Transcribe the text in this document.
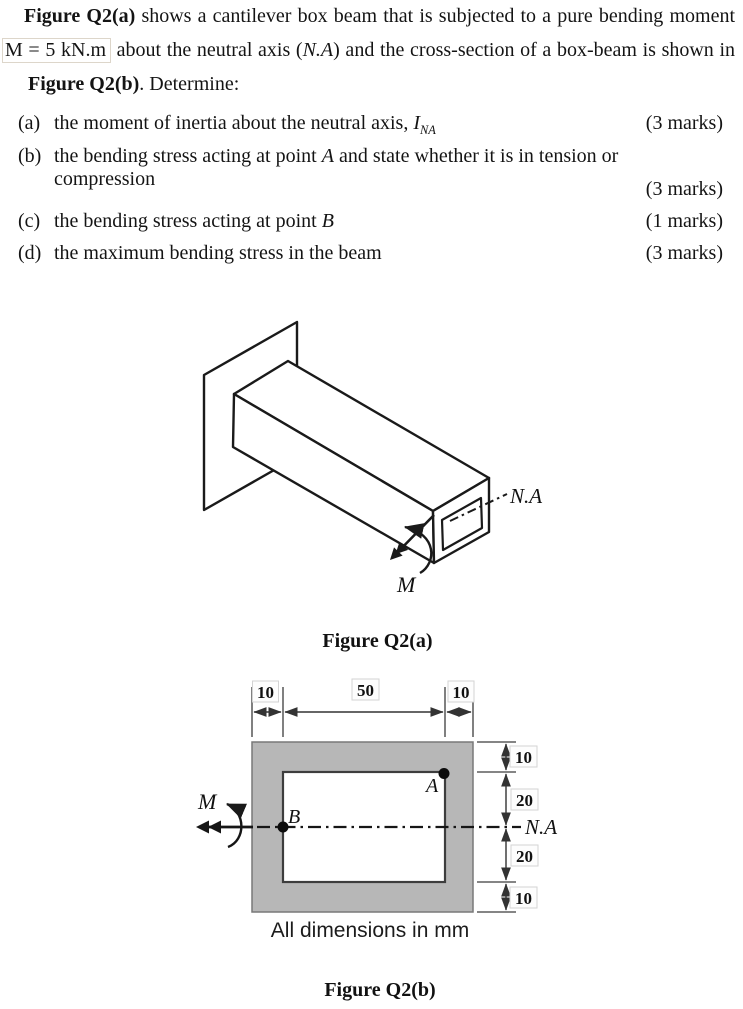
Figure Q2(a) shows a cantilever box beam that is subjected to a pure bending moment
M = 5 kN.m about the neutral axis (N.A) and the cross-section of a box-beam is shown in
Figure Q2(b). Determine:
(a) the moment of inertia about the neutral axis, $I_{NA}$	(3 marks)
(b) the bending stress acting at point A and state whether it is in tension or compression	(3 marks)
(c) the bending stress acting at point B	(1 marks)
(d) the maximum bending stress in the beam	(3 marks)
N.A
M
Figure Q2(a)
10	50	10
10
20
20
10
N.A
M
A
B
All dimensions in mm
Figure Q2(b)
